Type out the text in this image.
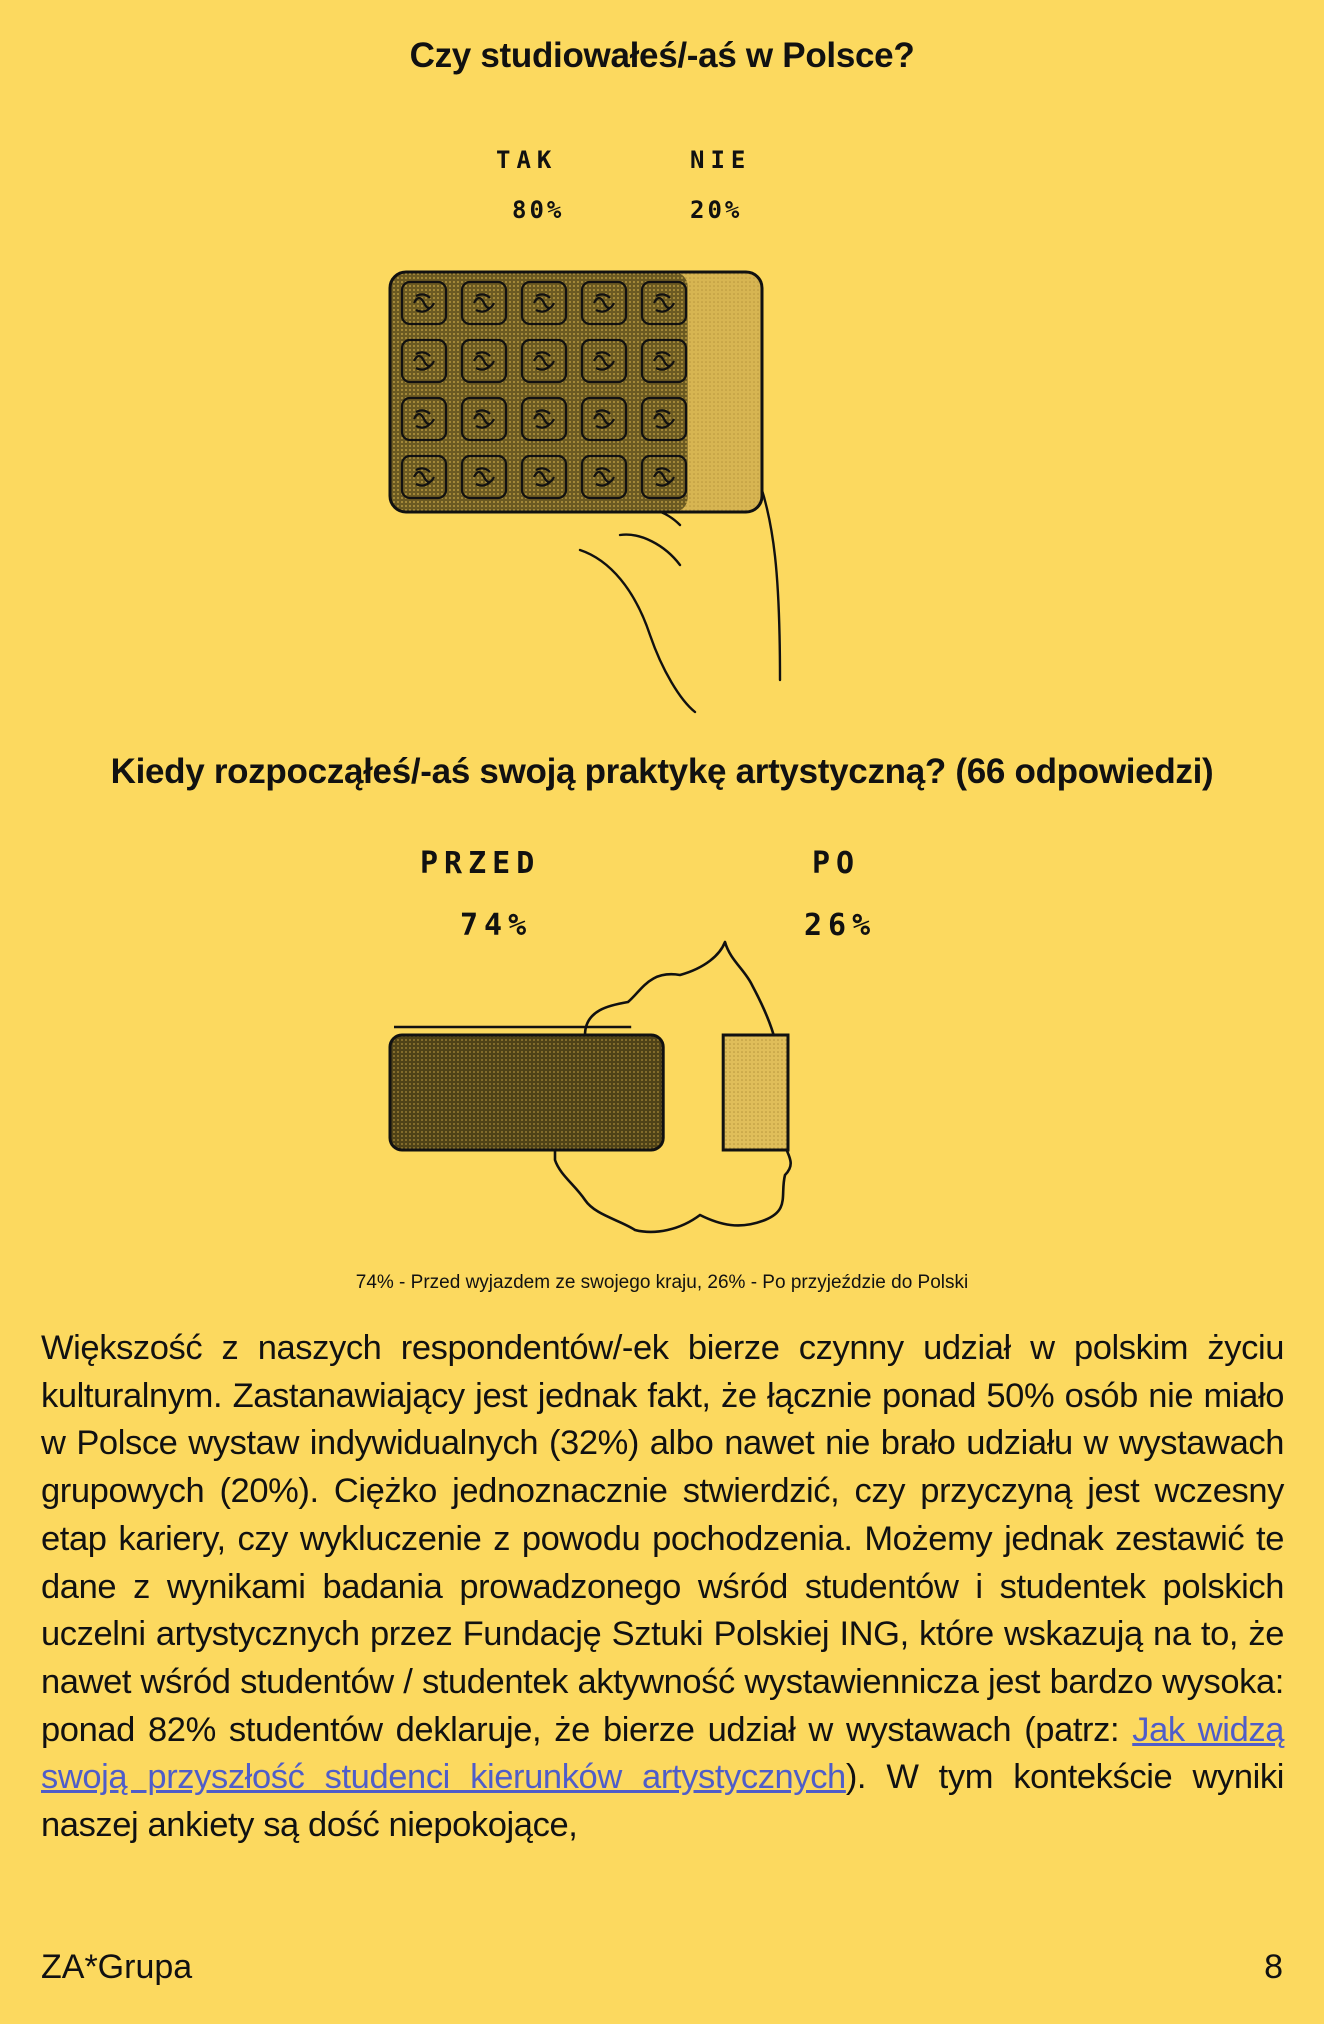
Czy studiowałeś/-aś w Polsce?
TAK
80%
NIE
20%
Kiedy rozpocząłeś/-aś swoją praktykę artystyczną? (66 odpowiedzi)
PRZED
74%
PO
26%
74% - Przed wyjazdem ze swojego kraju, 26% - Po przyjeździe do Polski
Większość z naszych respondentów/-ek bierze czynny udział w polskim życiu kulturalnym. Zastanawiający jest jednak fakt, że łącznie ponad 50% osób nie miało w Polsce wystaw indywidualnych (32%) albo nawet nie brało udziału w wystawach grupowych (20%). Ciężko jednoznacznie stwierdzić, czy przyczyną jest wczesny etap kariery, czy wykluczenie z powodu pochodzenia. Możemy jednak zestawić te dane z wynikami badania prowadzonego wśród studentów i studentek polskich uczelni artystycznych przez Fundację Sztuki Polskiej ING, które wskazują na to, że nawet wśród studentów / studentek aktywność wystawiennicza jest bardzo wysoka: ponad 82% studentów deklaruje, że bierze udział w wystawach (patrz: Jak widzą swoją przyszłość studenci kierunków artystycznych). W tym kontekście wyniki naszej ankiety są dość niepokojące,
ZA*Grupa	8
